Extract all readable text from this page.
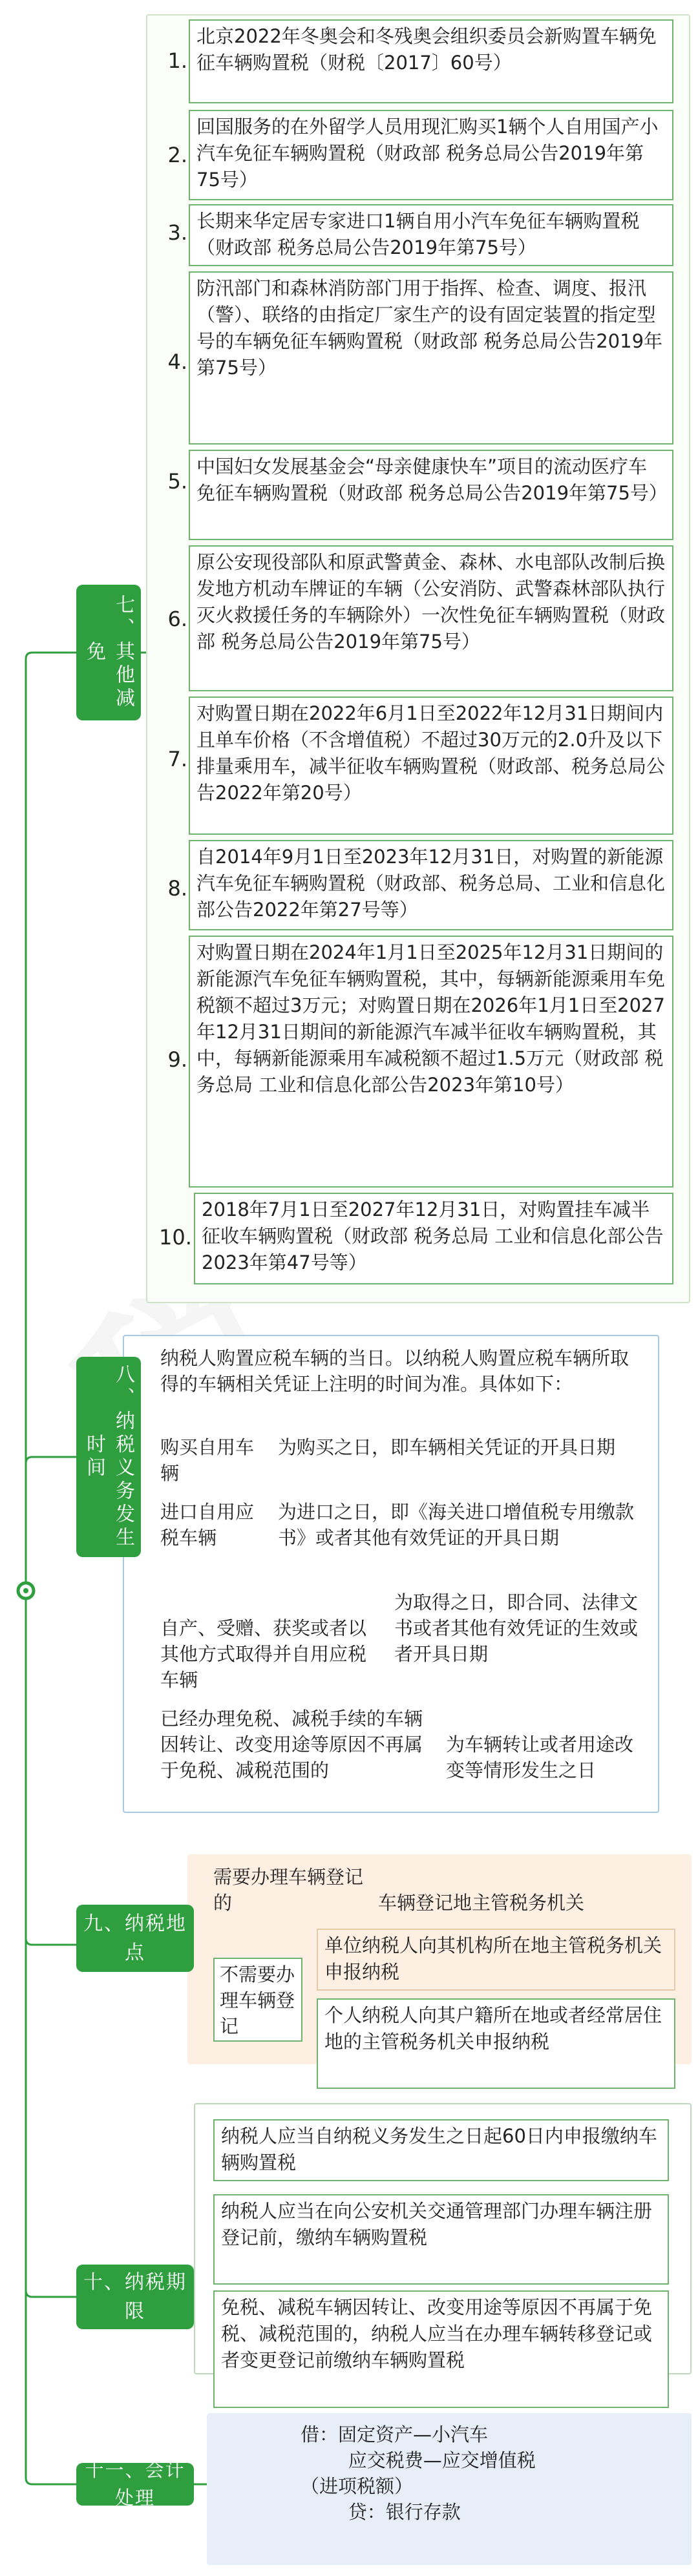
七、其他减免
1.
北京2022年冬奥会和冬残奥会组织委员会新购置车辆免征车辆购置税（财税〔2017〕60号）
2.
回国服务的在外留学人员用现汇购买1辆个人自用国产小汽车免征车辆购置税（财政部 税务总局公告2019年第75号）
3. 长期来华定居专家进口1辆自用小汽车免征车辆购置税（财政部 税务总局公告2019年第75号）
4.
防汛部门和森林消防部门用于指挥、检查、调度、报汛（警）、联络的由指定厂家生产的设有固定装置的指定型号的车辆免征车辆购置税（财政部 税务总局公告2019年第75号）
5.
中国妇女发展基金会“母亲健康快车”项目的流动医疗车免征车辆购置税（财政部 税务总局公告2019年第75号）
6.
原公安现役部队和原武警黄金、森林、水电部队改制后换发地方机动车牌证的车辆（公安消防、武警森林部队执行灭火救援任务的车辆除外）一次性免征车辆购置税（财政部 税务总局公告2019年第75号）
7.
对购置日期在2022年6月1日至2022年12月31日期间内且单车价格（不含增值税）不超过30万元的2.0升及以下排量乘用车，减半征收车辆购置税（财政部、税务总局公告2022年第20号）
8.
自2014年9月1日至2023年12月31日，对购置的新能源汽车免征车辆购置税（财政部、税务总局、工业和信息化部公告2022年第27号等）
9.
对购置日期在2024年1月1日至2025年12月31日期间的新能源汽车免征车辆购置税，其中，每辆新能源乘用车免税额不超过3万元；对购置日期在2026年1月1日至2027年12月31日期间的新能源汽车减半征收车辆购置税，其中，每辆新能源乘用车减税额不超过1.5万元（财政部 税务总局 工业和信息化部公告2023年第10号）
10.
2018年7月1日至2027年12月31日，对购置挂车减半征收车辆购置税（财政部 税务总局 工业和信息化部公告2023年第47号等）
八、纳税义务发生时间
纳税人购置应税车辆的当日。以纳税人购置应税车辆所取得的车辆相关凭证上注明的时间为准。具体如下：
购买自用车辆
为购买之日，即车辆相关凭证的开具日期
进口自用应税车辆
为进口之日，即《海关进口增值税专用缴款书》或者其他有效凭证的开具日期
自产、受赠、获奖或者以其他方式取得并自用应税车辆
为取得之日，即合同、法律文书或者其他有效凭证的生效或者开具日期
已经办理免税、减税手续的车辆因转让、改变用途等原因不再属于免税、减税范围的
为车辆转让或者用途改变等情形发生之日
九、纳税地点
需要办理车辆登记的	车辆登记地主管税务机关
不需要办理车辆登记
单位纳税人向其机构所在地主管税务机关申报纳税
个人纳税人向其户籍所在地或者经常居住地的主管税务机关申报纳税
十、纳税期限
纳税人应当自纳税义务发生之日起60日内申报缴纳车辆购置税
纳税人应当在向公安机关交通管理部门办理车辆注册登记前，缴纳车辆购置税
免税、减税车辆因转让、改变用途等原因不再属于免税、减税范围的，纳税人应当在办理车辆转移登记或者变更登记前缴纳车辆购置税
十一、会计处理
借：固定资产—小汽车
应交税费—应交增值税
（进项税额）
贷：银行存款
